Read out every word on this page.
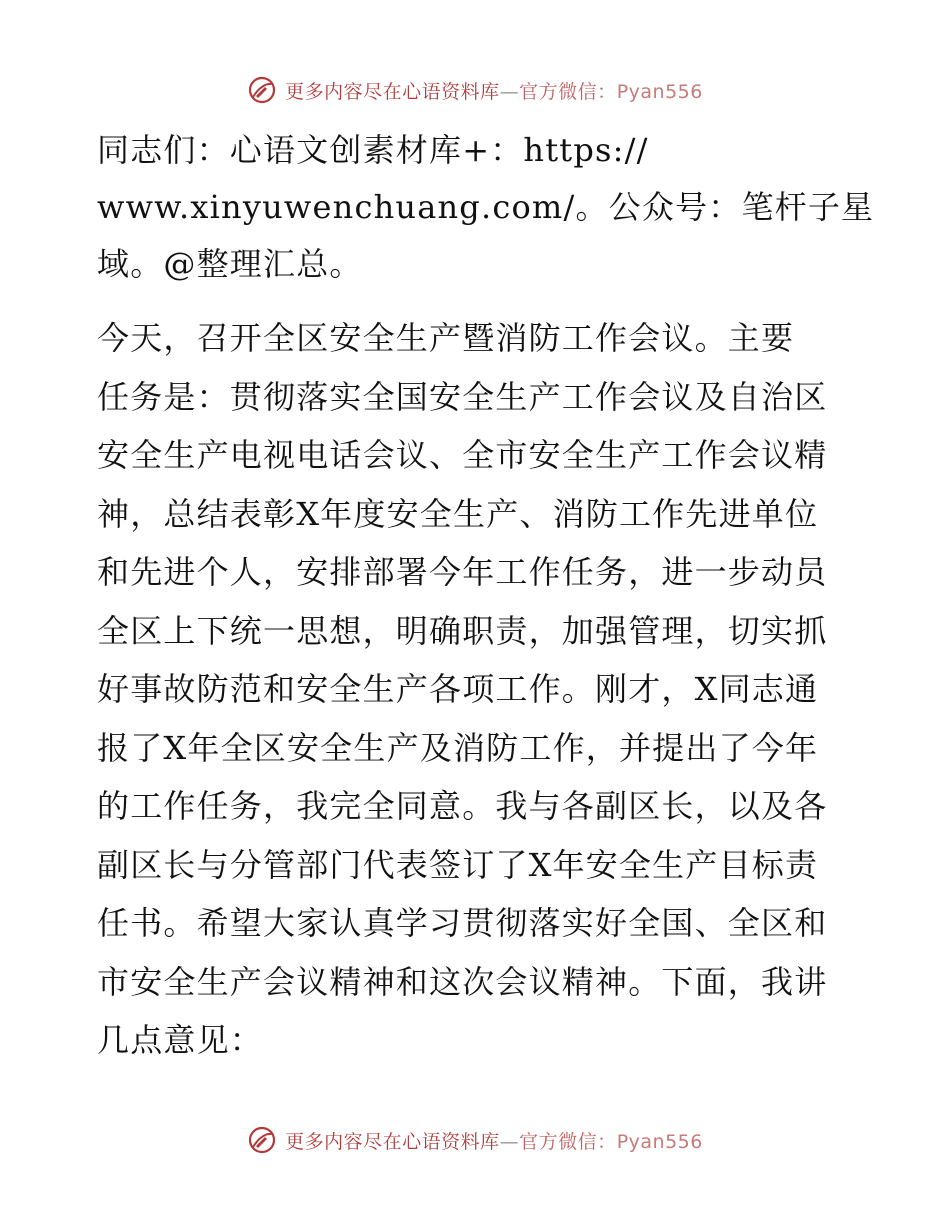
更多内容尽在心语资料库—官方微信：Pyan556
同志们：心语文创素材库+：https://
www.xinyuwenchuang.com/。公众号：笔杆子星
域。@整理汇总。
今天，召开全区安全生产暨消防工作会议。主要
任务是：贯彻落实全国安全生产工作会议及自治区
安全生产电视电话会议、全市安全生产工作会议精
神，总结表彰X年度安全生产、消防工作先进单位
和先进个人，安排部署今年工作任务，进一步动员
全区上下统一思想，明确职责，加强管理，切实抓
好事故防范和安全生产各项工作。刚才，X同志通
报了X年全区安全生产及消防工作，并提出了今年
的工作任务，我完全同意。我与各副区长，以及各
副区长与分管部门代表签订了X年安全生产目标责
任书。希望大家认真学习贯彻落实好全国、全区和
市安全生产会议精神和这次会议精神。下面，我讲
几点意见：
更多内容尽在心语资料库—官方微信：Pyan556
